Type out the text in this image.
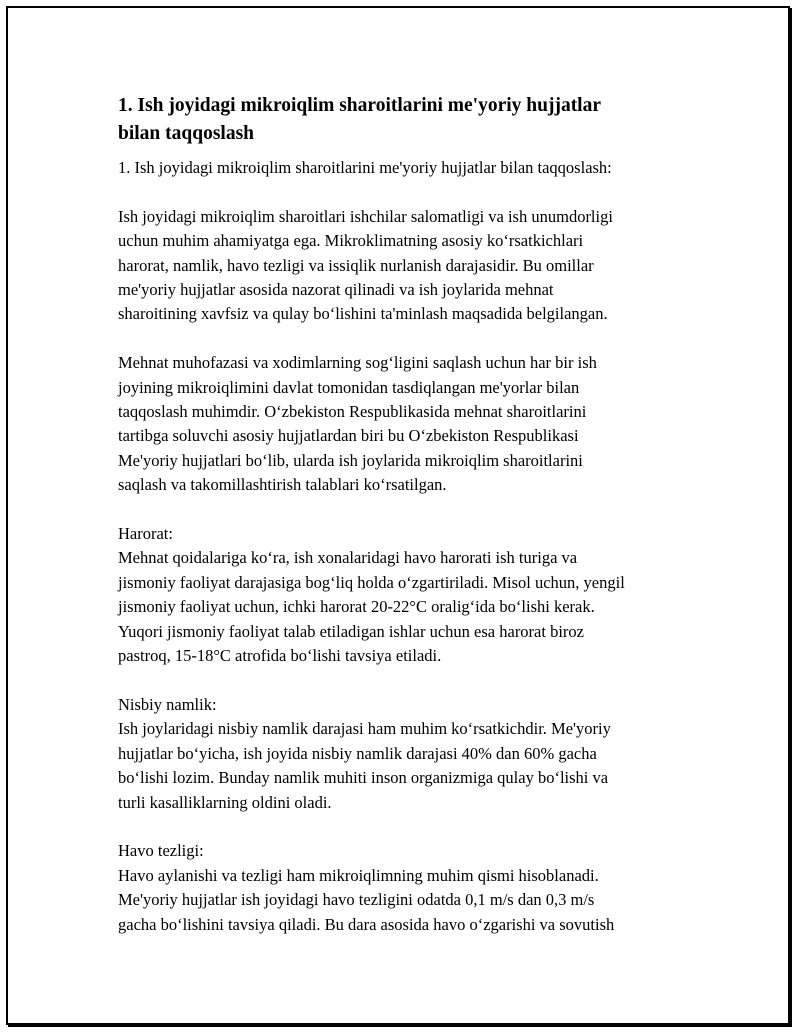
1. Ish joyidagi mikroiqlim sharoitlarini me'yoriy hujjatlar
bilan taqqoslash

1. Ish joyidagi mikroiqlim sharoitlarini me'yoriy hujjatlar bilan taqqoslash:

Ish joyidagi mikroiqlim sharoitlari ishchilar salomatligi va ish unumdorligi
uchun muhim ahamiyatga ega. Mikroklimatning asosiy koʻrsatkichlari
harorat, namlik, havo tezligi va issiqlik nurlanish darajasidir. Bu omillar
me'yoriy hujjatlar asosida nazorat qilinadi va ish joylarida mehnat
sharoitining xavfsiz va qulay boʻlishini ta'minlash maqsadida belgilangan.

Mehnat muhofazasi va xodimlarning sogʻligini saqlash uchun har bir ish
joyining mikroiqlimini davlat tomonidan tasdiqlangan me'yorlar bilan
taqqoslash muhimdir. Oʻzbekiston Respublikasida mehnat sharoitlarini
tartibga soluvchi asosiy hujjatlardan biri bu Oʻzbekiston Respublikasi
Me'yoriy hujjatlari boʻlib, ularda ish joylarida mikroiqlim sharoitlarini
saqlash va takomillashtirish talablari koʻrsatilgan.

Harorat:
Mehnat qoidalariga koʻra, ish xonalaridagi havo harorati ish turiga va
jismoniy faoliyat darajasiga bogʻliq holda oʻzgartiriladi. Misol uchun, yengil
jismoniy faoliyat uchun, ichki harorat 20-22°C oraligʻida boʻlishi kerak.
Yuqori jismoniy faoliyat talab etiladigan ishlar uchun esa harorat biroz
pastroq, 15-18°C atrofida boʻlishi tavsiya etiladi.

Nisbiy namlik:
Ish joylaridagi nisbiy namlik darajasi ham muhim koʻrsatkichdir. Me'yoriy
hujjatlar boʻyicha, ish joyida nisbiy namlik darajasi 40% dan 60% gacha
boʻlishi lozim. Bunday namlik muhiti inson organizmiga qulay boʻlishi va
turli kasalliklarning oldini oladi.

Havo tezligi:
Havo aylanishi va tezligi ham mikroiqlimning muhim qismi hisoblanadi.
Me'yoriy hujjatlar ish joyidagi havo tezligini odatda 0,1 m/s dan 0,3 m/s
gacha boʻlishini tavsiya qiladi. Bu dara asosida havo oʻzgarishi va sovutish
